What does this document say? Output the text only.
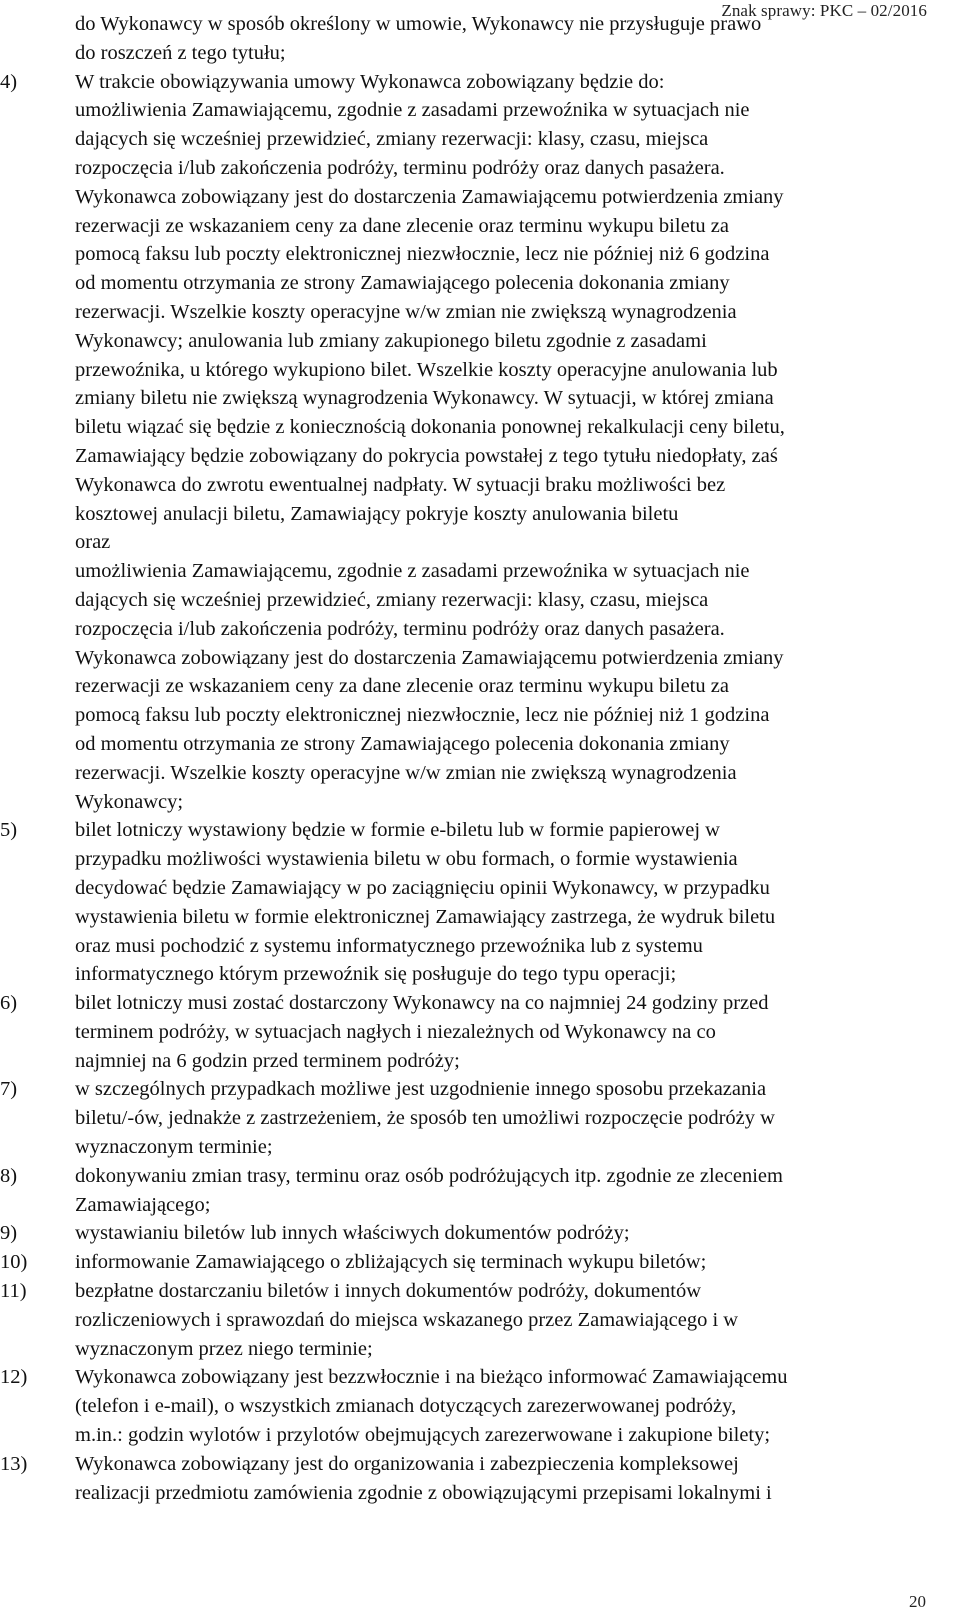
Znak sprawy: PKC – 02/2016
do Wykonawcy w sposób określony w umowie, Wykonawcy nie przysługuje prawo
do roszczeń z tego tytułu;
4)	W trakcie obowiązywania umowy Wykonawca zobowiązany będzie do:
umożliwienia Zamawiającemu, zgodnie z zasadami przewoźnika w sytuacjach nie
dających się wcześniej przewidzieć, zmiany rezerwacji: klasy, czasu, miejsca
rozpoczęcia i/lub zakończenia podróży, terminu podróży oraz danych pasażera.
Wykonawca zobowiązany jest do dostarczenia Zamawiającemu potwierdzenia zmiany
rezerwacji ze wskazaniem ceny za dane zlecenie oraz terminu wykupu biletu za
pomocą faksu lub poczty elektronicznej niezwłocznie, lecz nie później niż 6 godzina
od momentu otrzymania ze strony Zamawiającego polecenia dokonania zmiany
rezerwacji. Wszelkie koszty operacyjne w/w zmian nie zwiększą wynagrodzenia
Wykonawcy; anulowania lub zmiany zakupionego biletu zgodnie z zasadami
przewoźnika, u którego wykupiono bilet. Wszelkie koszty operacyjne anulowania lub
zmiany biletu nie zwiększą wynagrodzenia Wykonawcy. W sytuacji, w której zmiana
biletu wiązać się będzie z koniecznością dokonania ponownej rekalkulacji ceny biletu,
Zamawiający będzie zobowiązany do pokrycia powstałej z tego tytułu niedopłaty, zaś
Wykonawca do zwrotu ewentualnej nadpłaty. W sytuacji braku możliwości bez
kosztowej anulacji biletu, Zamawiający pokryje koszty anulowania biletu
oraz
umożliwienia Zamawiającemu, zgodnie z zasadami przewoźnika w sytuacjach nie
dających się wcześniej przewidzieć, zmiany rezerwacji: klasy, czasu, miejsca
rozpoczęcia i/lub zakończenia podróży, terminu podróży oraz danych pasażera.
Wykonawca zobowiązany jest do dostarczenia Zamawiającemu potwierdzenia zmiany
rezerwacji ze wskazaniem ceny za dane zlecenie oraz terminu wykupu biletu za
pomocą faksu lub poczty elektronicznej niezwłocznie, lecz nie później niż 1 godzina
od momentu otrzymania ze strony Zamawiającego polecenia dokonania zmiany
rezerwacji. Wszelkie koszty operacyjne w/w zmian nie zwiększą wynagrodzenia
Wykonawcy;
5)	bilet lotniczy wystawiony będzie w formie e-biletu lub w formie papierowej w
przypadku możliwości wystawienia biletu w obu formach, o formie wystawienia
decydować będzie Zamawiający w po zaciągnięciu opinii Wykonawcy, w przypadku
wystawienia biletu w formie elektronicznej Zamawiający zastrzega, że wydruk biletu
oraz musi pochodzić z systemu informatycznego przewoźnika lub z systemu
informatycznego którym przewoźnik się posługuje do tego typu operacji;
6)	bilet lotniczy musi zostać dostarczony Wykonawcy na co najmniej 24 godziny przed
terminem podróży, w sytuacjach nagłych i niezależnych od Wykonawcy na co
najmniej na 6 godzin przed terminem podróży;
7)	w szczególnych przypadkach możliwe jest uzgodnienie innego sposobu przekazania
biletu/-ów, jednakże z zastrzeżeniem, że sposób ten umożliwi rozpoczęcie podróży w
wyznaczonym terminie;
8)	dokonywaniu zmian trasy, terminu oraz osób podróżujących itp. zgodnie ze zleceniem
Zamawiającego;
9)	wystawianiu biletów lub innych właściwych dokumentów podróży;
10)	informowanie Zamawiającego o zbliżających się terminach wykupu biletów;
11)	bezpłatne dostarczaniu biletów i innych dokumentów podróży, dokumentów
rozliczeniowych i sprawozdań do miejsca wskazanego przez Zamawiającego i w
wyznaczonym przez niego terminie;
12)	Wykonawca zobowiązany jest bezzwłocznie i na bieżąco informować Zamawiającemu
(telefon i e-mail), o wszystkich zmianach dotyczących zarezerwowanej podróży,
m.in.: godzin wylotów i przylotów obejmujących zarezerwowane i zakupione bilety;
13)	Wykonawca zobowiązany jest do organizowania i zabezpieczenia kompleksowej
realizacji przedmiotu zamówienia zgodnie z obowiązującymi przepisami lokalnymi i
20
